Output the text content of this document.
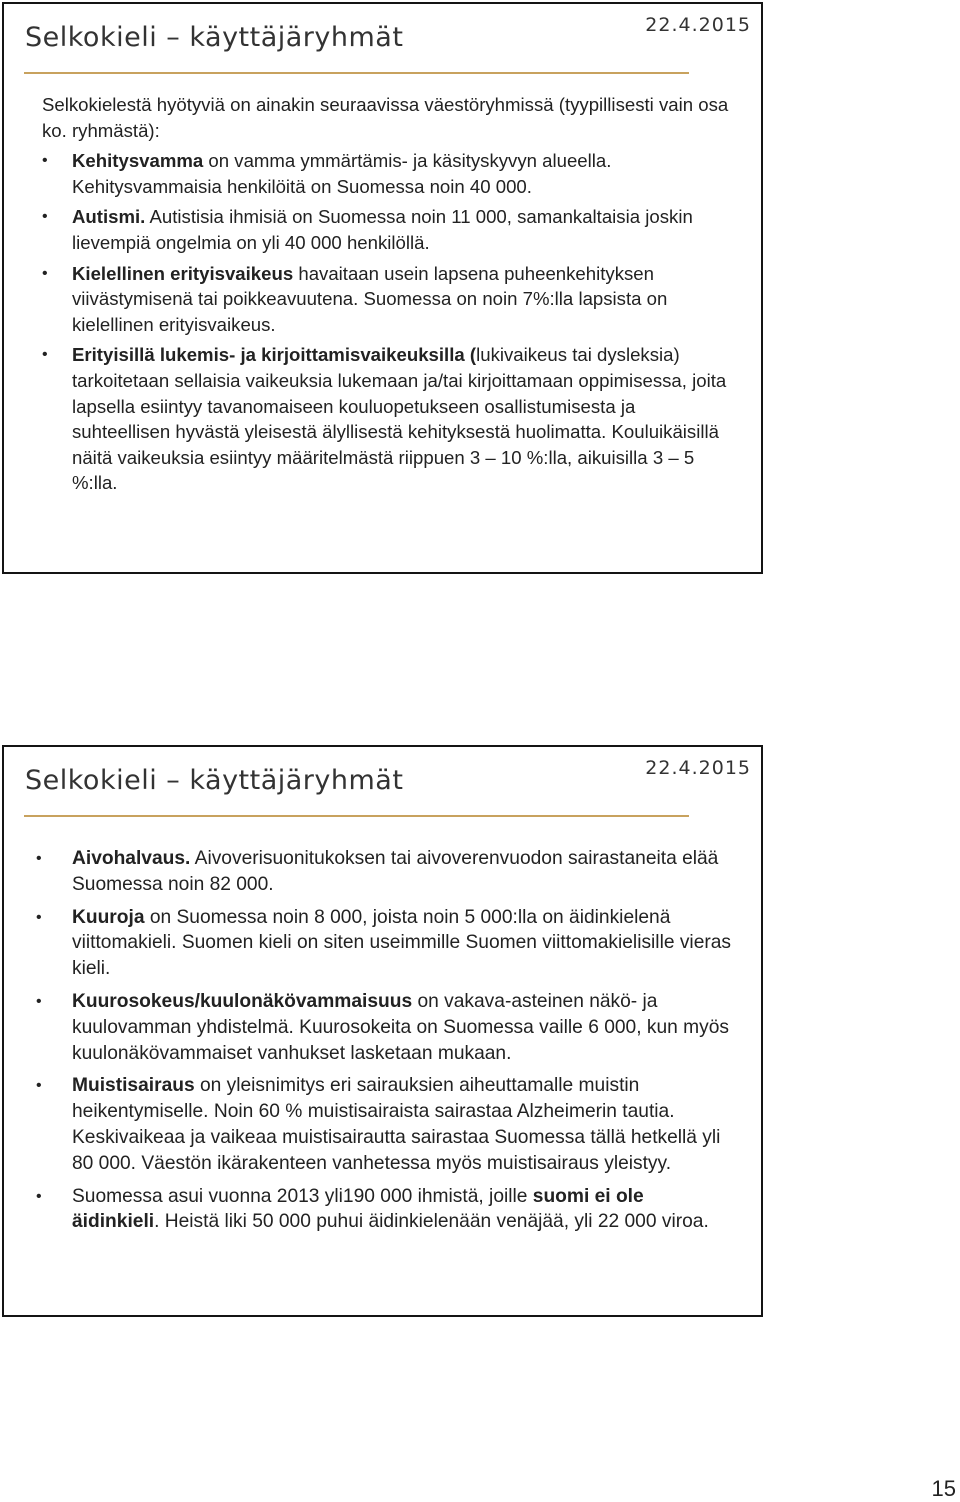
Selkokieli – käyttäjäryhmät	22.4.2015

Selkokielestä hyötyviä on ainakin seuraavissa väestöryhmissä (tyypillisesti vain osa ko. ryhmästä):

• Kehitysvamma on vamma ymmärtämis- ja käsityskyvyn alueella. Kehitysvammaisia henkilöitä on Suomessa noin 40 000.
• Autismi. Autistisia ihmisiä on Suomessa noin 11 000, samankaltaisia joskin lievempiä ongelmia on yli 40 000 henkilöllä.
• Kielellinen erityisvaikeus havaitaan usein lapsena puheenkehityksen viivästymisenä tai poikkeavuutena. Suomessa on noin 7%:lla lapsista on kielellinen erityisvaikeus.
• Erityisillä lukemis- ja kirjoittamisvaikeuksilla (lukivaikeus tai dysleksia) tarkoitetaan sellaisia vaikeuksia lukemaan ja/tai kirjoittamaan oppimisessa, joita lapsella esiintyy tavanomaiseen kouluopetukseen osallistumisesta ja suhteellisen hyvästä yleisestä älyllisestä kehityksestä huolimatta. Kouluikäisillä näitä vaikeuksia esiintyy määritelmästä riippuen 3 – 10 %:lla, aikuisilla 3 – 5 %:lla.
Selkokieli – käyttäjäryhmät	22.4.2015
• Aivohalvaus. Aivoverisuonitukoksen tai aivoverenvuodon sairastaneita elää Suomessa noin 82 000.
• Kuuroja on Suomessa noin 8 000, joista noin 5 000:lla on äidinkielenä viittomakieli. Suomen kieli on siten useimmille Suomen viittomakielisille vieras kieli.
• Kuurosokeus/kuulonäkövammaisuus on vakava-asteinen näkö- ja kuulovamman yhdistelmä. Kuurosokeita on Suomessa vaille 6 000, kun myös kuulonäkövammaiset vanhukset lasketaan mukaan.
• Muistisairaus on yleisnimitys eri sairauksien aiheuttamalle muistin heikentymiselle. Noin 60 % muistisairaista sairastaa Alzheimerin tautia. Keskivaikeaa ja vaikeaa muistisairautta sairastaa Suomessa tällä hetkellä yli 80 000. Väestön ikärakenteen vanhetessa myös muistisairaus yleistyy.
• Suomessa asui vuonna 2013 yli190 000 ihmistä, joille suomi ei ole äidinkieli. Heistä liki 50 000 puhui äidinkielenään venäjää, yli 22 000 viroa.
15
